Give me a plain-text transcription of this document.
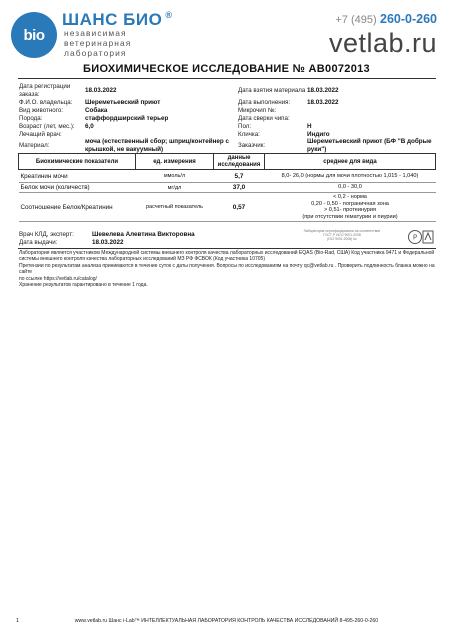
bio
ШАНС БИО ®
независимая
ветеринарная
лаборатория
+7 (495) 260-0-260
vetlab.ru
БИОХИМИЧЕСКОЕ ИССЛЕДОВАНИЕ № АВ0072013
Дата регистрации
заказа:	18.03.2022
Ф.И.О. владельца: Шереметьевский приют
Вид животного:	Собака
Порода:	стаффордширский терьер
Возраст (лет, мес.): 6,0
Лечащий врач:
Материал:
моча (естественный сбор; шприц/контейнер с
крышкой, не вакуумный)
Дата взятия материала 18.03.2022
Дата выполнения:	18.03.2022
Микрочип №:
Дата сверки чипа:
Пол:	Н
Кличка:	Индиго
Заказчик:
Шереметьевский приют (БФ "В добрые
руки")
Биохимические показатели	ед. измерения	данные
исследования	среднее для вида
Креатинин мочи	ммоль/л	5,7	8,0- 26,0 (нормы для мочи плотностью 1,015 - 1,040)
Белок мочи (количеств)	мг/дл	37,0	0,0 - 30,0
Соотношение Белок/Креатинин	расчетный показатель	0,57	< 0,2 - норма
0,20 - 0,50 - пограничная зона
> 0,51- протеинурия
(при отсутствии гематурии и пиурии)
Врач КЛД, эксперт:	Шевелева Алевтина Викторовна
Дата выдачи:	18.03.2022
Лаборатория сертифицирована на соответствие
ГОСТ Р ИСО 9001-2008
(ISO 9001:2008) №	P
Лаборатория является участником Международной системы внешнего контроля качества лабораторных исследований EQAS (Bio-Rad, США) Код участника 9471 и Федеральной
системы внешнего контроля качества лабораторных исследований МЗ РФ ФСВОК (Код участника 10705)
Претензии по результатам анализа принимаются в течение суток с даты получения. Вопросы по исследованиям на почту qc@vetlab.ru . Проверить подлинность бланка можно на сайте
по ссылке https://vetlab.ru/catalog/
Хранение результатов гарантировано в течение 1 года.
1	www.vetlab.ru Шанс i-Lab™ ИНТЕЛЛЕКТУАЛЬНАЯ ЛАБОРАТОРИЯ КОНТРОЛЬ КАЧЕСТВА ИССЛЕДОВАНИЙ 8-495-260-0-260
